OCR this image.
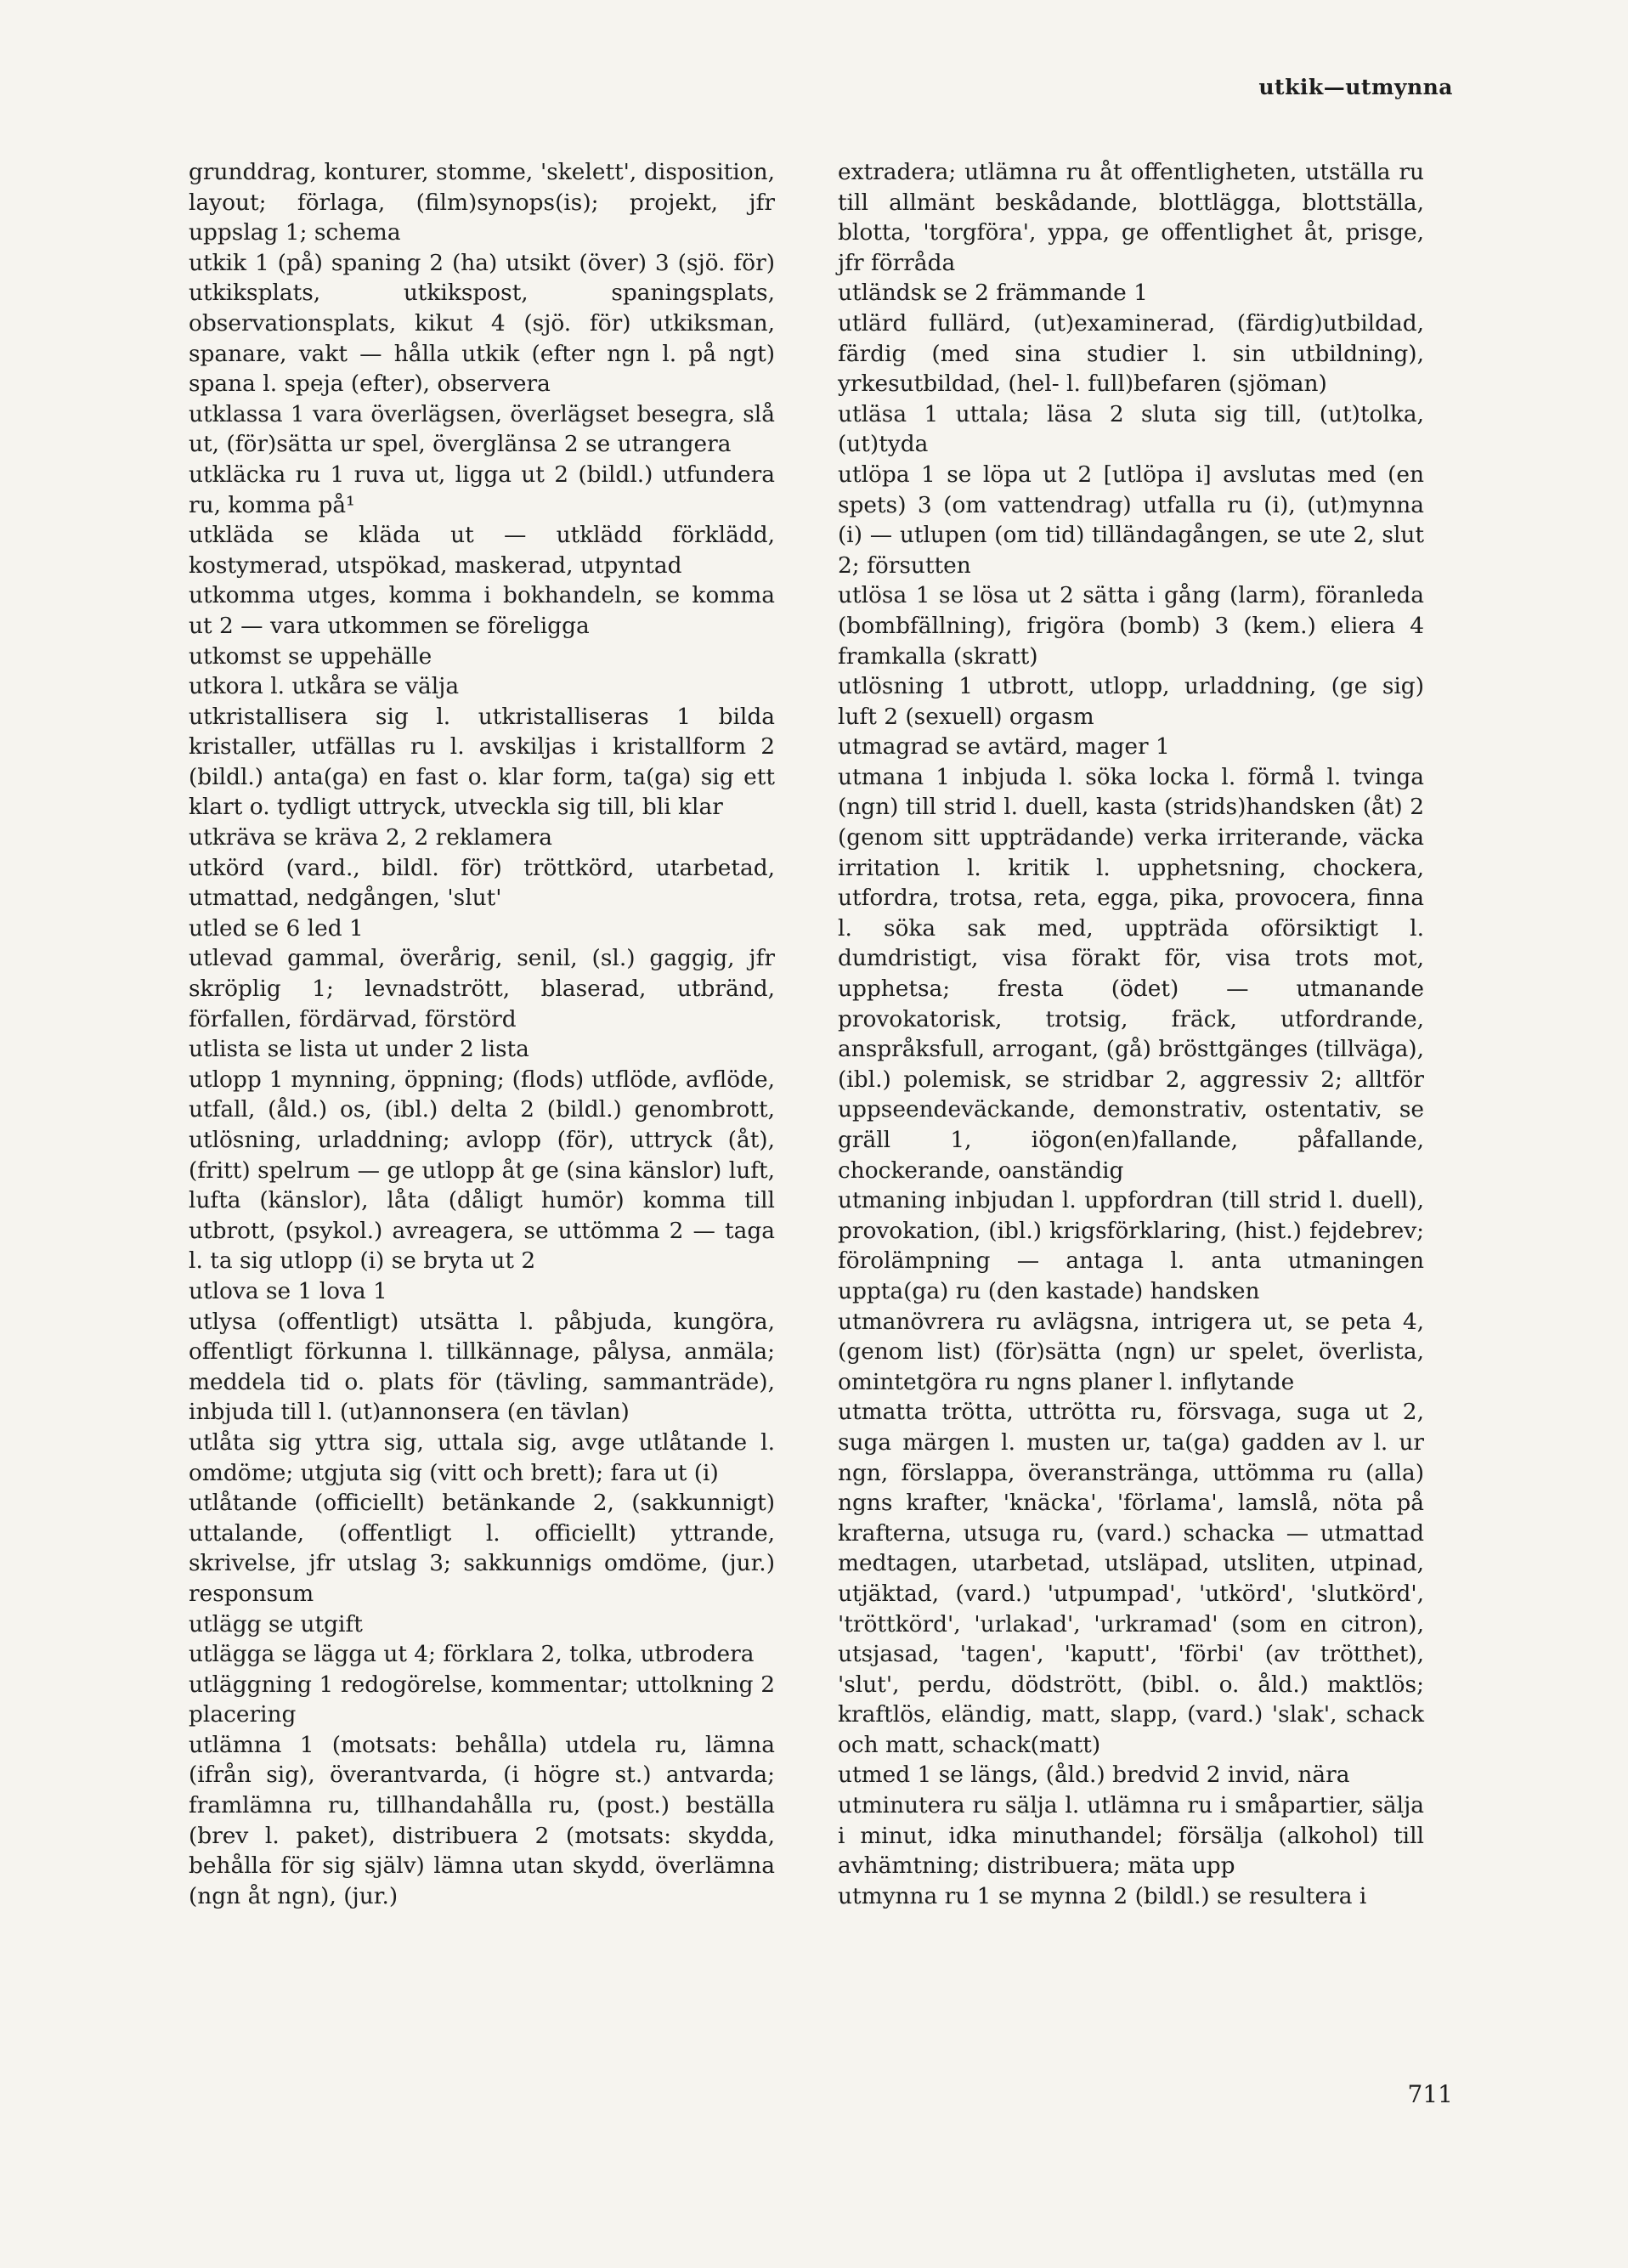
utkik—utmynna

grunddrag, konturer, stomme, 'skelett', disposition, layout; förlaga, (film)synops(is); projekt, jfr uppslag 1; schema

utkik 1 (på) spaning 2 (ha) utsikt (över) 3 (sjö. för) utkiksplats, utkikspost, spaningsplats, observationsplats, kikut 4 (sjö. för) utkiksman, spanare, vakt — hålla utkik (efter ngn l. på ngt) spana l. speja (efter), observera

utklassa 1 vara överlägsen, överlägset besegra, slå ut, (för)sätta ur spel, överglänsa 2 se utrangera

utkläcka ru 1 ruva ut, ligga ut 2 (bildl.) utfundera ru, komma på¹

utkläda se kläda ut — utklädd förklädd, kostymerad, utspökad, maskerad, utpyntad

utkomma utges, komma i bokhandeln, se komma ut 2 — vara utkommen se föreligga

utkomst se uppehälle

utkora l. utkåra se välja

utkristallisera sig l. utkristalliseras 1 bilda kristaller, utfällas ru l. avskiljas i kristallform 2 (bildl.) anta(ga) en fast o. klar form, ta(ga) sig ett klart o. tydligt uttryck, utveckla sig till, bli klar

utkräva se kräva 2, 2 reklamera

utkörd (vard., bildl. för) tröttkörd, utarbetad, utmattad, nedgången, 'slut'

utled se 6 led 1

utlevad gammal, överårig, senil, (sl.) gaggig, jfr skröplig 1; levnadstrött, blaserad, utbränd, förfallen, fördärvad, förstörd

utlista se lista ut under 2 lista

utlopp 1 mynning, öppning; (flods) utflöde, avflöde, utfall, (åld.) os, (ibl.) delta 2 (bildl.) genombrott, utlösning, urladdning; avlopp (för), uttryck (åt), (fritt) spelrum — ge utlopp åt ge (sina känslor) luft, lufta (känslor), låta (dåligt humör) komma till utbrott, (psykol.) avreagera, se uttömma 2 — taga l. ta sig utlopp (i) se bryta ut 2

utlova se 1 lova 1

utlysa (offentligt) utsätta l. påbjuda, kungöra, offentligt förkunna l. tillkännage, pålysa, anmäla; meddela tid o. plats för (tävling, sammanträde), inbjuda till l. (ut)annonsera (en tävlan)

utlåta sig yttra sig, uttala sig, avge utlåtande l. omdöme; utgjuta sig (vitt och brett); fara ut (i)

utlåtande (officiellt) betänkande 2, (sakkunnigt) uttalande, (offentligt l. officiellt) yttrande, skrivelse, jfr utslag 3; sakkunnigs omdöme, (jur.) responsum

utlägg se utgift

utlägga se lägga ut 4; förklara 2, tolka, utbrodera

utläggning 1 redogörelse, kommentar; uttolkning 2 placering

utlämna 1 (motsats: behålla) utdela ru, lämna (ifrån sig), överantvarda, (i högre st.) antvarda; framlämna ru, tillhandahålla ru, (post.) beställa (brev l. paket), distribuera 2 (motsats: skydda, behålla för sig själv) lämna utan skydd, överlämna (ngn åt ngn), (jur.)

extradera; utlämna ru åt offentligheten, utställa ru till allmänt beskådande, blottlägga, blottställa, blotta, 'torgföra', yppa, ge offentlighet åt, prisge, jfr förråda

utländsk se 2 främmande 1

utlärd fullärd, (ut)examinerad, (färdig)utbildad, färdig (med sina studier l. sin utbildning), yrkesutbildad, (hel- l. full)befaren (sjöman)

utläsa 1 uttala; läsa 2 sluta sig till, (ut)tolka, (ut)tyda

utlöpa 1 se löpa ut 2 [utlöpa i] avslutas med (en spets) 3 (om vattendrag) utfalla ru (i), (ut)mynna (i) — utlupen (om tid) tilländagången, se ute 2, slut 2; försutten

utlösa 1 se lösa ut 2 sätta i gång (larm), föranleda (bombfällning), frigöra (bomb) 3 (kem.) eliera 4 framkalla (skratt)

utlösning 1 utbrott, utlopp, urladdning, (ge sig) luft 2 (sexuell) orgasm

utmagrad se avtärd, mager 1

utmana 1 inbjuda l. söka locka l. förmå l. tvinga (ngn) till strid l. duell, kasta (strids)handsken (åt) 2 (genom sitt uppträdande) verka irriterande, väcka irritation l. kritik l. upphetsning, chockera, utfordra, trotsa, reta, egga, pika, provocera, finna l. söka sak med, uppträda oförsiktigt l. dumdristigt, visa förakt för, visa trots mot, upphetsa; fresta (ödet) — utmanande provokatorisk, trotsig, fräck, utfordrande, anspråksfull, arrogant, (gå) brösttgänges (tillväga), (ibl.) polemisk, se stridbar 2, aggressiv 2; alltför uppseendeväckande, demonstrativ, ostentativ, se gräll 1, iögon(en)fallande, påfallande, chockerande, oanständig

utmaning inbjudan l. uppfordran (till strid l. duell), provokation, (ibl.) krigsförklaring, (hist.) fejdebrev; förolämpning — antaga l. anta utmaningen uppta(ga) ru (den kastade) handsken

utmanövrera ru avlägsna, intrigera ut, se peta 4, (genom list) (för)sätta (ngn) ur spelet, överlista, omintetgöra ru ngns planer l. inflytande

utmatta trötta, uttrötta ru, försvaga, suga ut 2, suga märgen l. musten ur, ta(ga) gadden av l. ur ngn, förslappa, överanstränga, uttömma ru (alla) ngns krafter, 'knäcka', 'förlama', lamslå, nöta på krafterna, utsuga ru, (vard.) schacka — utmattad medtagen, utarbetad, utsläpad, utsliten, utpinad, utjäktad, (vard.) 'utpumpad', 'utkörd', 'slutkörd', 'tröttkörd', 'urlakad', 'urkramad' (som en citron), utsjasad, 'tagen', 'kaputt', 'förbi' (av trötthet), 'slut', perdu, dödstrött, (bibl. o. åld.) maktlös; kraftlös, eländig, matt, slapp, (vard.) 'slak', schack och matt, schack(matt)

utmed 1 se längs, (åld.) bredvid 2 invid, nära

utminutera ru sälja l. utlämna ru i småpartier, sälja i minut, idka minuthandel; försälja (alkohol) till avhämtning; distribuera; mäta upp

utmynna ru 1 se mynna 2 (bildl.) se resultera i

711
